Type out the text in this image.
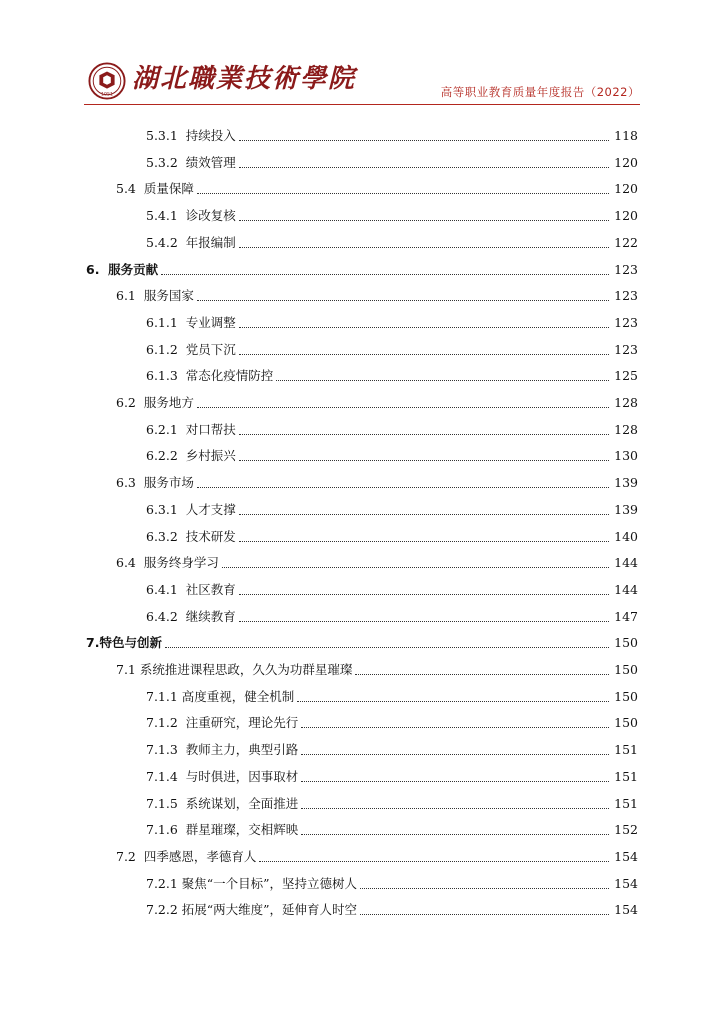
1951
湖北職業技術學院	高等职业教育质量年度报告（2022）
5.3.1  持续投入	118
5.3.2  绩效管理	120
5.4  质量保障	120
5.4.1  诊改复核	120
5.4.2  年报编制	122
6.  服务贡献	123
6.1  服务国家	123
6.1.1  专业调整	123
6.1.2  党员下沉	123
6.1.3  常态化疫情防控	125
6.2  服务地方	128
6.2.1  对口帮扶	128
6.2.2  乡村振兴	130
6.3  服务市场	139
6.3.1  人才支撑	139
6.3.2  技术研发	140
6.4  服务终身学习	144
6.4.1  社区教育	144
6.4.2  继续教育	147
7.特色与创新	150
7.1 系统推进课程思政，久久为功群星璀璨	150
7.1.1 高度重视，健全机制	150
7.1.2  注重研究，理论先行	150
7.1.3  教师主力，典型引路	151
7.1.4  与时俱进，因事取材	151
7.1.5  系统谋划，全面推进	151
7.1.6  群星璀璨，交相辉映	152
7.2  四季感恩，孝德育人	154
7.2.1 聚焦“一个目标”，坚持立德树人	154
7.2.2 拓展“两大维度”，延伸育人时空	154
